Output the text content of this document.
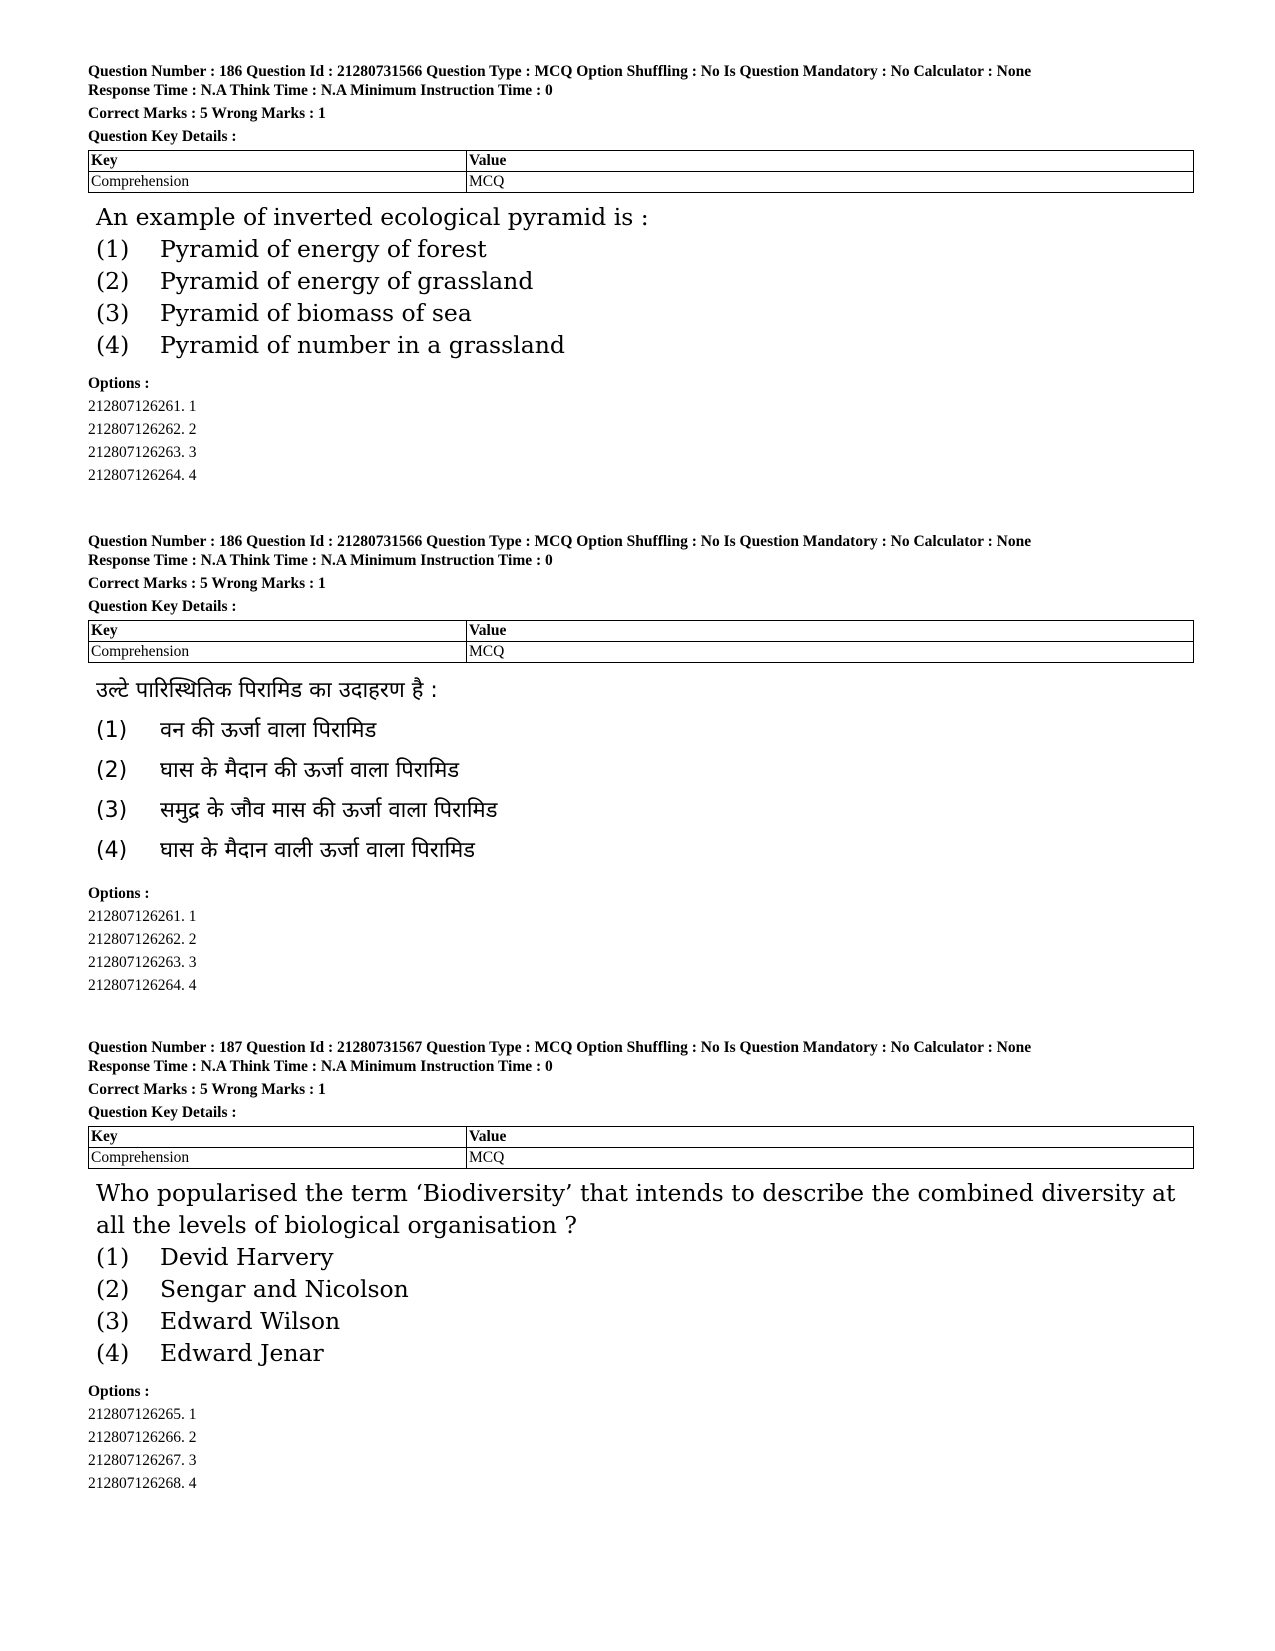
Question Number : 186 Question Id : 21280731566 Question Type : MCQ Option Shuffling : No Is Question Mandatory : No Calculator : None
Response Time : N.A Think Time : N.A Minimum Instruction Time : 0
Correct Marks : 5 Wrong Marks : 1
Question Key Details :
Key	Value
Comprehension	MCQ
An example of inverted ecological pyramid is :
(1)	Pyramid of energy of forest
(2)	Pyramid of energy of grassland
(3)	Pyramid of biomass of sea
(4)	Pyramid of number in a grassland
Options :
212807126261. 1
212807126262. 2
212807126263. 3
212807126264. 4
Question Number : 186 Question Id : 21280731566 Question Type : MCQ Option Shuffling : No Is Question Mandatory : No Calculator : None
Response Time : N.A Think Time : N.A Minimum Instruction Time : 0
Correct Marks : 5 Wrong Marks : 1
Question Key Details :
Key	Value
Comprehension	MCQ
उल्टे पारिस्थितिक पिरामिड का उदाहरण है :
(1)	वन की ऊर्जा वाला पिरामिड
(2)	घास के मैदान की ऊर्जा वाला पिरामिड
(3)	समुद्र के जौव मास की ऊर्जा वाला पिरामिड
(4)	घास के मैदान वाली ऊर्जा वाला पिरामिड
Options :
212807126261. 1
212807126262. 2
212807126263. 3
212807126264. 4
Question Number : 187 Question Id : 21280731567 Question Type : MCQ Option Shuffling : No Is Question Mandatory : No Calculator : None
Response Time : N.A Think Time : N.A Minimum Instruction Time : 0
Correct Marks : 5 Wrong Marks : 1
Question Key Details :
Key	Value
Comprehension	MCQ
Who popularised the term ‘Biodiversity’ that intends to describe the combined diversity at all the levels of biological organisation ?
(1)	Devid Harvery
(2)	Sengar and Nicolson
(3)	Edward Wilson
(4)	Edward Jenar
Options :
212807126265. 1
212807126266. 2
212807126267. 3
212807126268. 4
